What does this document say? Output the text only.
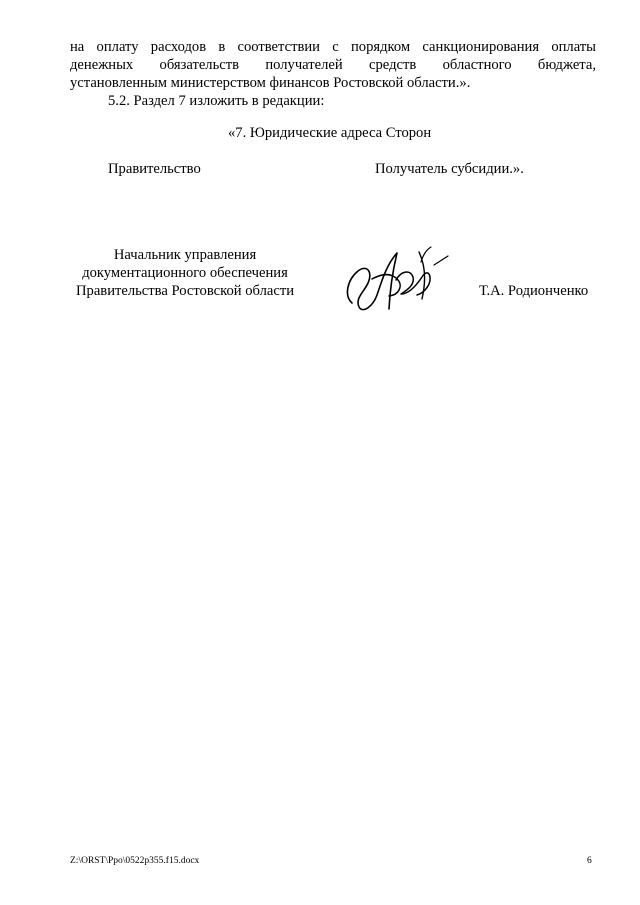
на оплату расходов в соответствии с порядком санкционирования оплаты
денежных обязательств получателей средств областного бюджета,
установленным министерством финансов Ростовской области.».
5.2. Раздел 7 изложить в редакции:
«7. Юридические адреса Сторон
Правительство	Получатель субсидии.».
Начальник управления
документационного обеспечения
Правительства Ростовской области	Т.А. Родионченко
Z:\ORST\Ppo\0522p355.f15.docx	6
